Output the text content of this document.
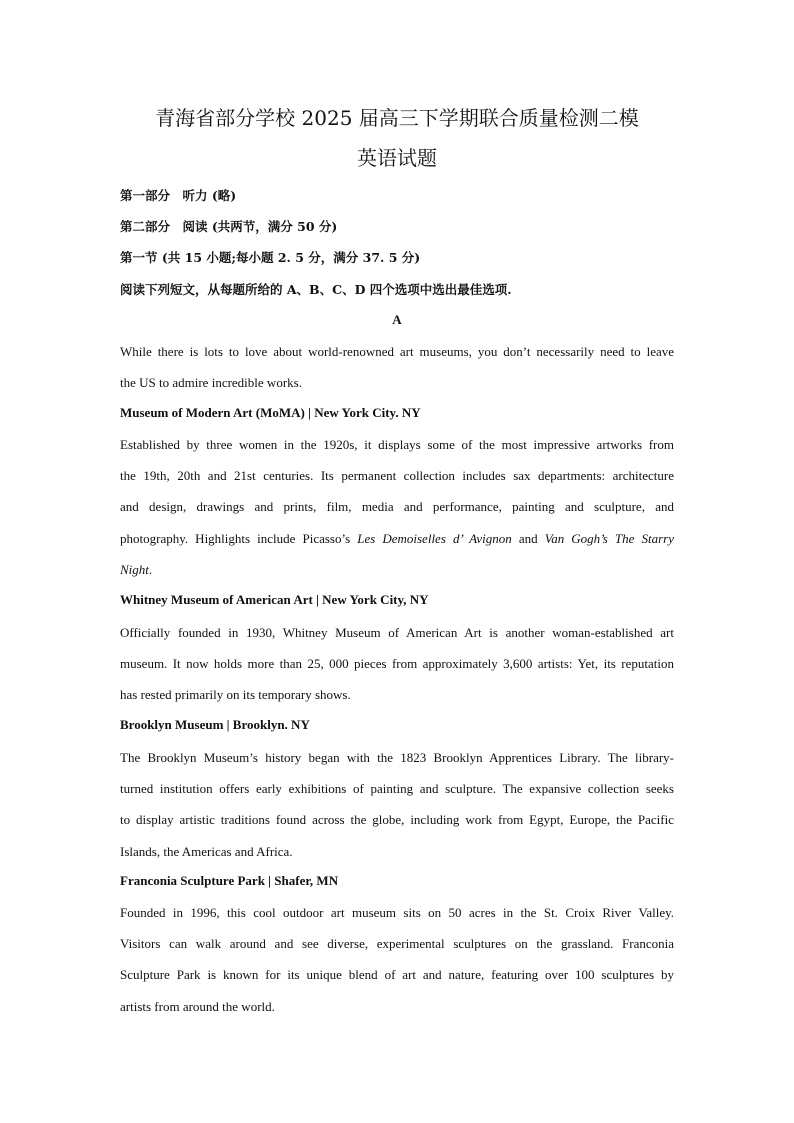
青海省部分学校 2025 届高三下学期联合质量检测二模
英语试题
第一部分　听力 (略)
第二部分　阅读 (共两节，满分 50 分)
第一节 (共 15 小题;每小题 2. 5 分，满分 37. 5 分)
阅读下列短文，从每题所给的 A、B、C、D 四个选项中选出最佳选项.
A
While there is lots to love about world-renowned art museums, you don’t necessarily need to leave
the US to admire incredible works.
Museum of Modern Art (MoMA) | New York City. NY
Established by three women in the 1920s, it displays some of the most impressive artworks from
the 19th, 20th and 21st centuries. Its permanent collection includes sax departments: architecture
and design, drawings and prints, film, media and performance, painting and sculpture, and
photography. Highlights include Picasso’s Les Demoiselles d’ Avignon and Van Gogh’s The Starry
Night.
Whitney Museum of American Art | New York City, NY
Officially founded in 1930, Whitney Museum of American Art is another woman-established art
museum. It now holds more than 25, 000 pieces from approximately 3,600 artists: Yet, its reputation
has rested primarily on its temporary shows.
Brooklyn Museum | Brooklyn. NY
The Brooklyn Museum’s history began with the 1823 Brooklyn Apprentices Library. The library-
turned institution offers early exhibitions of painting and sculpture. The expansive collection seeks
to display artistic traditions found across the globe, including work from Egypt, Europe, the Pacific
Islands, the Americas and Africa.
Franconia Sculpture Park | Shafer, MN
Founded in 1996, this cool outdoor art museum sits on 50 acres in the St. Croix River Valley.
Visitors can walk around and see diverse, experimental sculptures on the grassland. Franconia
Sculpture Park is known for its unique blend of art and nature, featuring over 100 sculptures by
artists from around the world.
